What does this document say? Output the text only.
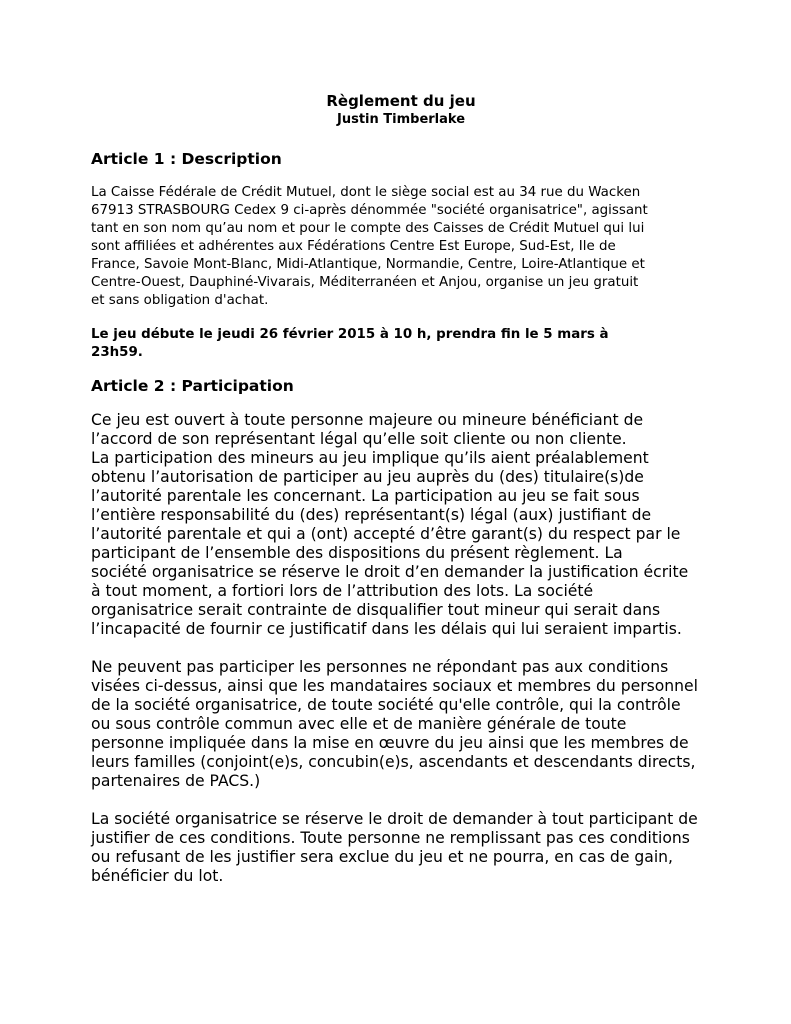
Règlement du jeu

Justin Timberlake

Article 1 : Description

La Caisse Fédérale de Crédit Mutuel, dont le siège social est au 34 rue du Wacken
67913 STRASBOURG Cedex 9 ci-après dénommée "société organisatrice", agissant
tant en son nom qu’au nom et pour le compte des Caisses de Crédit Mutuel qui lui
sont affiliées et adhérentes aux Fédérations Centre Est Europe, Sud-Est, Ile de
France, Savoie Mont-Blanc, Midi-Atlantique, Normandie, Centre, Loire-Atlantique et
Centre-Ouest, Dauphiné-Vivarais, Méditerranéen et Anjou, organise un jeu gratuit
et sans obligation d'achat.

Le jeu débute le jeudi 26 février 2015 à 10 h, prendra fin le 5 mars à
23h59.

Article 2 : Participation

Ce jeu est ouvert à toute personne majeure ou mineure bénéficiant de
l’accord de son représentant légal qu’elle soit cliente ou non cliente.
La participation des mineurs au jeu implique qu’ils aient préalablement
obtenu l’autorisation de participer au jeu auprès du (des) titulaire(s)de
l’autorité parentale les concernant. La participation au jeu se fait sous
l’entière responsabilité du (des) représentant(s) légal (aux) justifiant de
l’autorité parentale et qui a (ont) accepté d’être garant(s) du respect par le
participant de l’ensemble des dispositions du présent règlement. La
société organisatrice se réserve le droit d’en demander la justification écrite
à tout moment, a fortiori lors de l’attribution des lots. La société
organisatrice serait contrainte de disqualifier tout mineur qui serait dans
l’incapacité de fournir ce justificatif dans les délais qui lui seraient impartis.

Ne peuvent pas participer les personnes ne répondant pas aux conditions
visées ci-dessus, ainsi que les mandataires sociaux et membres du personnel
de la société organisatrice, de toute société qu'elle contrôle, qui la contrôle
ou sous contrôle commun avec elle et de manière générale de toute
personne impliquée dans la mise en œuvre du jeu ainsi que les membres de
leurs familles (conjoint(e)s, concubin(e)s, ascendants et descendants directs,
partenaires de PACS.)

La société organisatrice se réserve le droit de demander à tout participant de
justifier de ces conditions. Toute personne ne remplissant pas ces conditions
ou refusant de les justifier sera exclue du jeu et ne pourra, en cas de gain,
bénéficier du lot.
